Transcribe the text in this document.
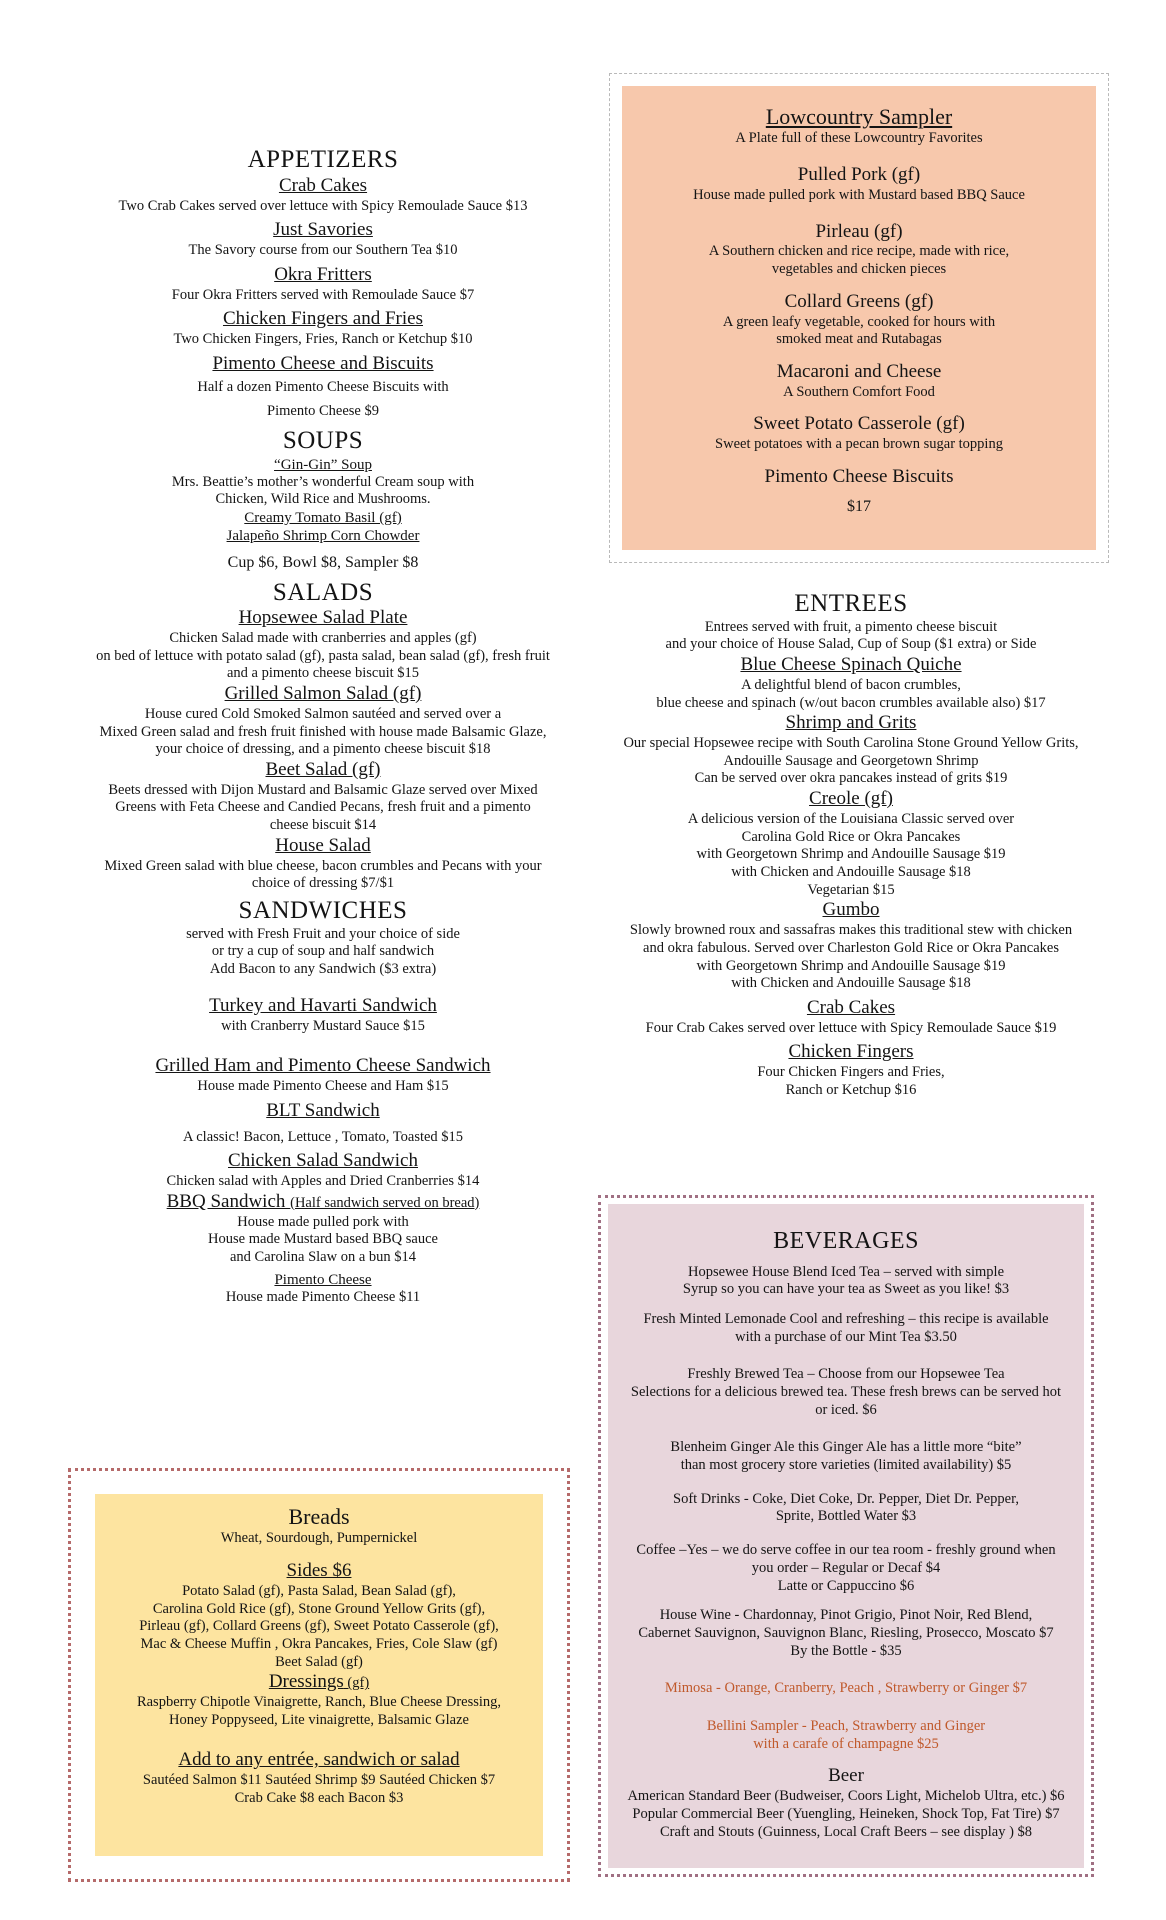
APPETIZERS
Crab Cakes
Two Crab Cakes served over lettuce with Spicy Remoulade Sauce $13
Just Savories
The Savory course from our Southern Tea $10
Okra Fritters
Four Okra Fritters served with Remoulade Sauce $7
Chicken Fingers and Fries
Two Chicken Fingers, Fries, Ranch or Ketchup $10
Pimento Cheese and Biscuits
Half a dozen Pimento Cheese Biscuits with
Pimento Cheese $9
SOUPS
“Gin-Gin” Soup
Mrs. Beattie’s mother’s wonderful Cream soup with
Chicken, Wild Rice and Mushrooms.
Creamy Tomato Basil (gf)
Jalapeño Shrimp Corn Chowder
Cup $6, Bowl $8, Sampler $8
SALADS
Hopsewee Salad Plate
Chicken Salad made with cranberries and apples (gf)
on bed of lettuce with potato salad (gf), pasta salad, bean salad (gf), fresh fruit
and a pimento cheese biscuit $15
Grilled Salmon Salad (gf)
House cured Cold Smoked Salmon sautéed and served over a
Mixed Green salad and fresh fruit finished with house made Balsamic Glaze,
your choice of dressing, and a pimento cheese biscuit $18
Beet Salad (gf)
Beets dressed with Dijon Mustard and Balsamic Glaze served over Mixed
Greens with Feta Cheese and Candied Pecans, fresh fruit and a pimento
cheese biscuit $14
House Salad
Mixed Green salad with blue cheese, bacon crumbles and Pecans with your
choice of dressing $7/$1
SANDWICHES
served with Fresh Fruit and your choice of side
or try a cup of soup and half sandwich
Add Bacon to any Sandwich ($3 extra)
Turkey and Havarti Sandwich
with Cranberry Mustard Sauce $15
Grilled Ham and Pimento Cheese Sandwich
House made Pimento Cheese and Ham $15
BLT Sandwich
A classic! Bacon, Lettuce , Tomato, Toasted $15
Chicken Salad Sandwich
Chicken salad with Apples and Dried Cranberries $14
BBQ Sandwich (Half sandwich served on bread)
House made pulled pork with
House made Mustard based BBQ sauce
and Carolina Slaw on a bun $14
Pimento Cheese
House made Pimento Cheese $11
Lowcountry Sampler
A Plate full of these Lowcountry Favorites
Pulled Pork (gf)
House made pulled pork with Mustard based BBQ Sauce
Pirleau (gf)
A Southern chicken and rice recipe, made with rice,
vegetables and chicken pieces
Collard Greens (gf)
A green leafy vegetable, cooked for hours with
smoked meat and Rutabagas
Macaroni and Cheese
A Southern Comfort Food
Sweet Potato Casserole (gf)
Sweet potatoes with a pecan brown sugar topping
Pimento Cheese Biscuits
$17
ENTREES
Entrees served with fruit, a pimento cheese biscuit
and your choice of House Salad, Cup of Soup ($1 extra) or Side
Blue Cheese Spinach Quiche
A delightful blend of bacon crumbles,
blue cheese and spinach (w/out bacon crumbles available also) $17
Shrimp and Grits
Our special Hopsewee recipe with South Carolina Stone Ground Yellow Grits,
Andouille Sausage and Georgetown Shrimp
Can be served over okra pancakes instead of grits $19
Creole (gf)
A delicious version of the Louisiana Classic served over
Carolina Gold Rice or Okra Pancakes
with Georgetown Shrimp and Andouille Sausage $19
with Chicken and Andouille Sausage $18
Vegetarian $15
Gumbo
Slowly browned roux and sassafras makes this traditional stew with chicken
and okra fabulous. Served over Charleston Gold Rice or Okra Pancakes
with Georgetown Shrimp and Andouille Sausage $19
with Chicken and Andouille Sausage $18
Crab Cakes
Four Crab Cakes served over lettuce with Spicy Remoulade Sauce $19
Chicken Fingers
Four Chicken Fingers and Fries,
Ranch or Ketchup $16
Breads
Wheat, Sourdough, Pumpernickel
Sides $6
Potato Salad (gf), Pasta Salad, Bean Salad (gf),
Carolina Gold Rice (gf), Stone Ground Yellow Grits (gf),
Pirleau (gf), Collard Greens (gf), Sweet Potato Casserole (gf),
Mac & Cheese Muffin , Okra Pancakes, Fries, Cole Slaw (gf)
Beet Salad (gf)
Dressings (gf)
Raspberry Chipotle Vinaigrette, Ranch, Blue Cheese Dressing,
Honey Poppyseed, Lite vinaigrette, Balsamic Glaze
Add to any entrée, sandwich or salad
Sautéed Salmon $11 Sautéed Shrimp $9 Sautéed Chicken $7
Crab Cake $8 each Bacon $3
BEVERAGES
Hopsewee House Blend Iced Tea – served with simple
Syrup so you can have your tea as Sweet as you like! $3
Fresh Minted Lemonade Cool and refreshing – this recipe is available
with a purchase of our Mint Tea $3.50
Freshly Brewed Tea – Choose from our Hopsewee Tea
Selections for a delicious brewed tea. These fresh brews can be served hot
or iced. $6
Blenheim Ginger Ale this Ginger Ale has a little more “bite”
than most grocery store varieties (limited availability) $5
Soft Drinks - Coke, Diet Coke, Dr. Pepper, Diet Dr. Pepper,
Sprite, Bottled Water $3
Coffee –Yes – we do serve coffee in our tea room - freshly ground when
you order – Regular or Decaf $4
Latte or Cappuccino $6
House Wine - Chardonnay, Pinot Grigio, Pinot Noir, Red Blend,
Cabernet Sauvignon, Sauvignon Blanc, Riesling, Prosecco, Moscato $7
By the Bottle - $35
Mimosa - Orange, Cranberry, Peach , Strawberry or Ginger $7
Bellini Sampler - Peach, Strawberry and Ginger
with a carafe of champagne $25
Beer
American Standard Beer (Budweiser, Coors Light, Michelob Ultra, etc.) $6
Popular Commercial Beer (Yuengling, Heineken, Shock Top, Fat Tire) $7
Craft and Stouts (Guinness, Local Craft Beers – see display ) $8
